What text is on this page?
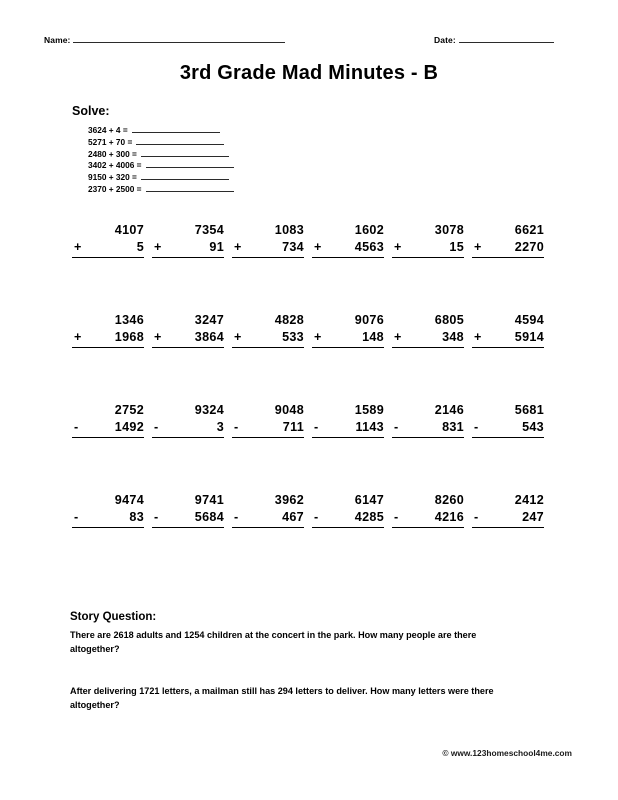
Name:	Date:
3rd Grade Mad Minutes - B
Solve:
3624 + 4 =
5271 + 70 =
2480 + 300 =
3402 + 4006 =
9150 + 320 =
2370 + 2500 =
4107
+	5
7354
+	91
1083
+	734
1602
+	4563
3078
+	15
6621
+	2270
1346
+	1968
3247
+	3864
4828
+	533
9076
+	148
6805
+	348
4594
+	5914
2752
-	1492
9324
-	3
9048
-	711
1589
-	1143
2146
-	831
5681
-	543
9474
-	83
9741
-	5684
3962
-	467
6147
-	4285
8260
-	4216
2412
-	247
Story Question:
There are 2618 adults and 1254 children at the concert in the park. How many people are there altogether?
After delivering 1721 letters, a mailman still has 294 letters to deliver. How many letters were there altogether?
© www.123homeschool4me.com
